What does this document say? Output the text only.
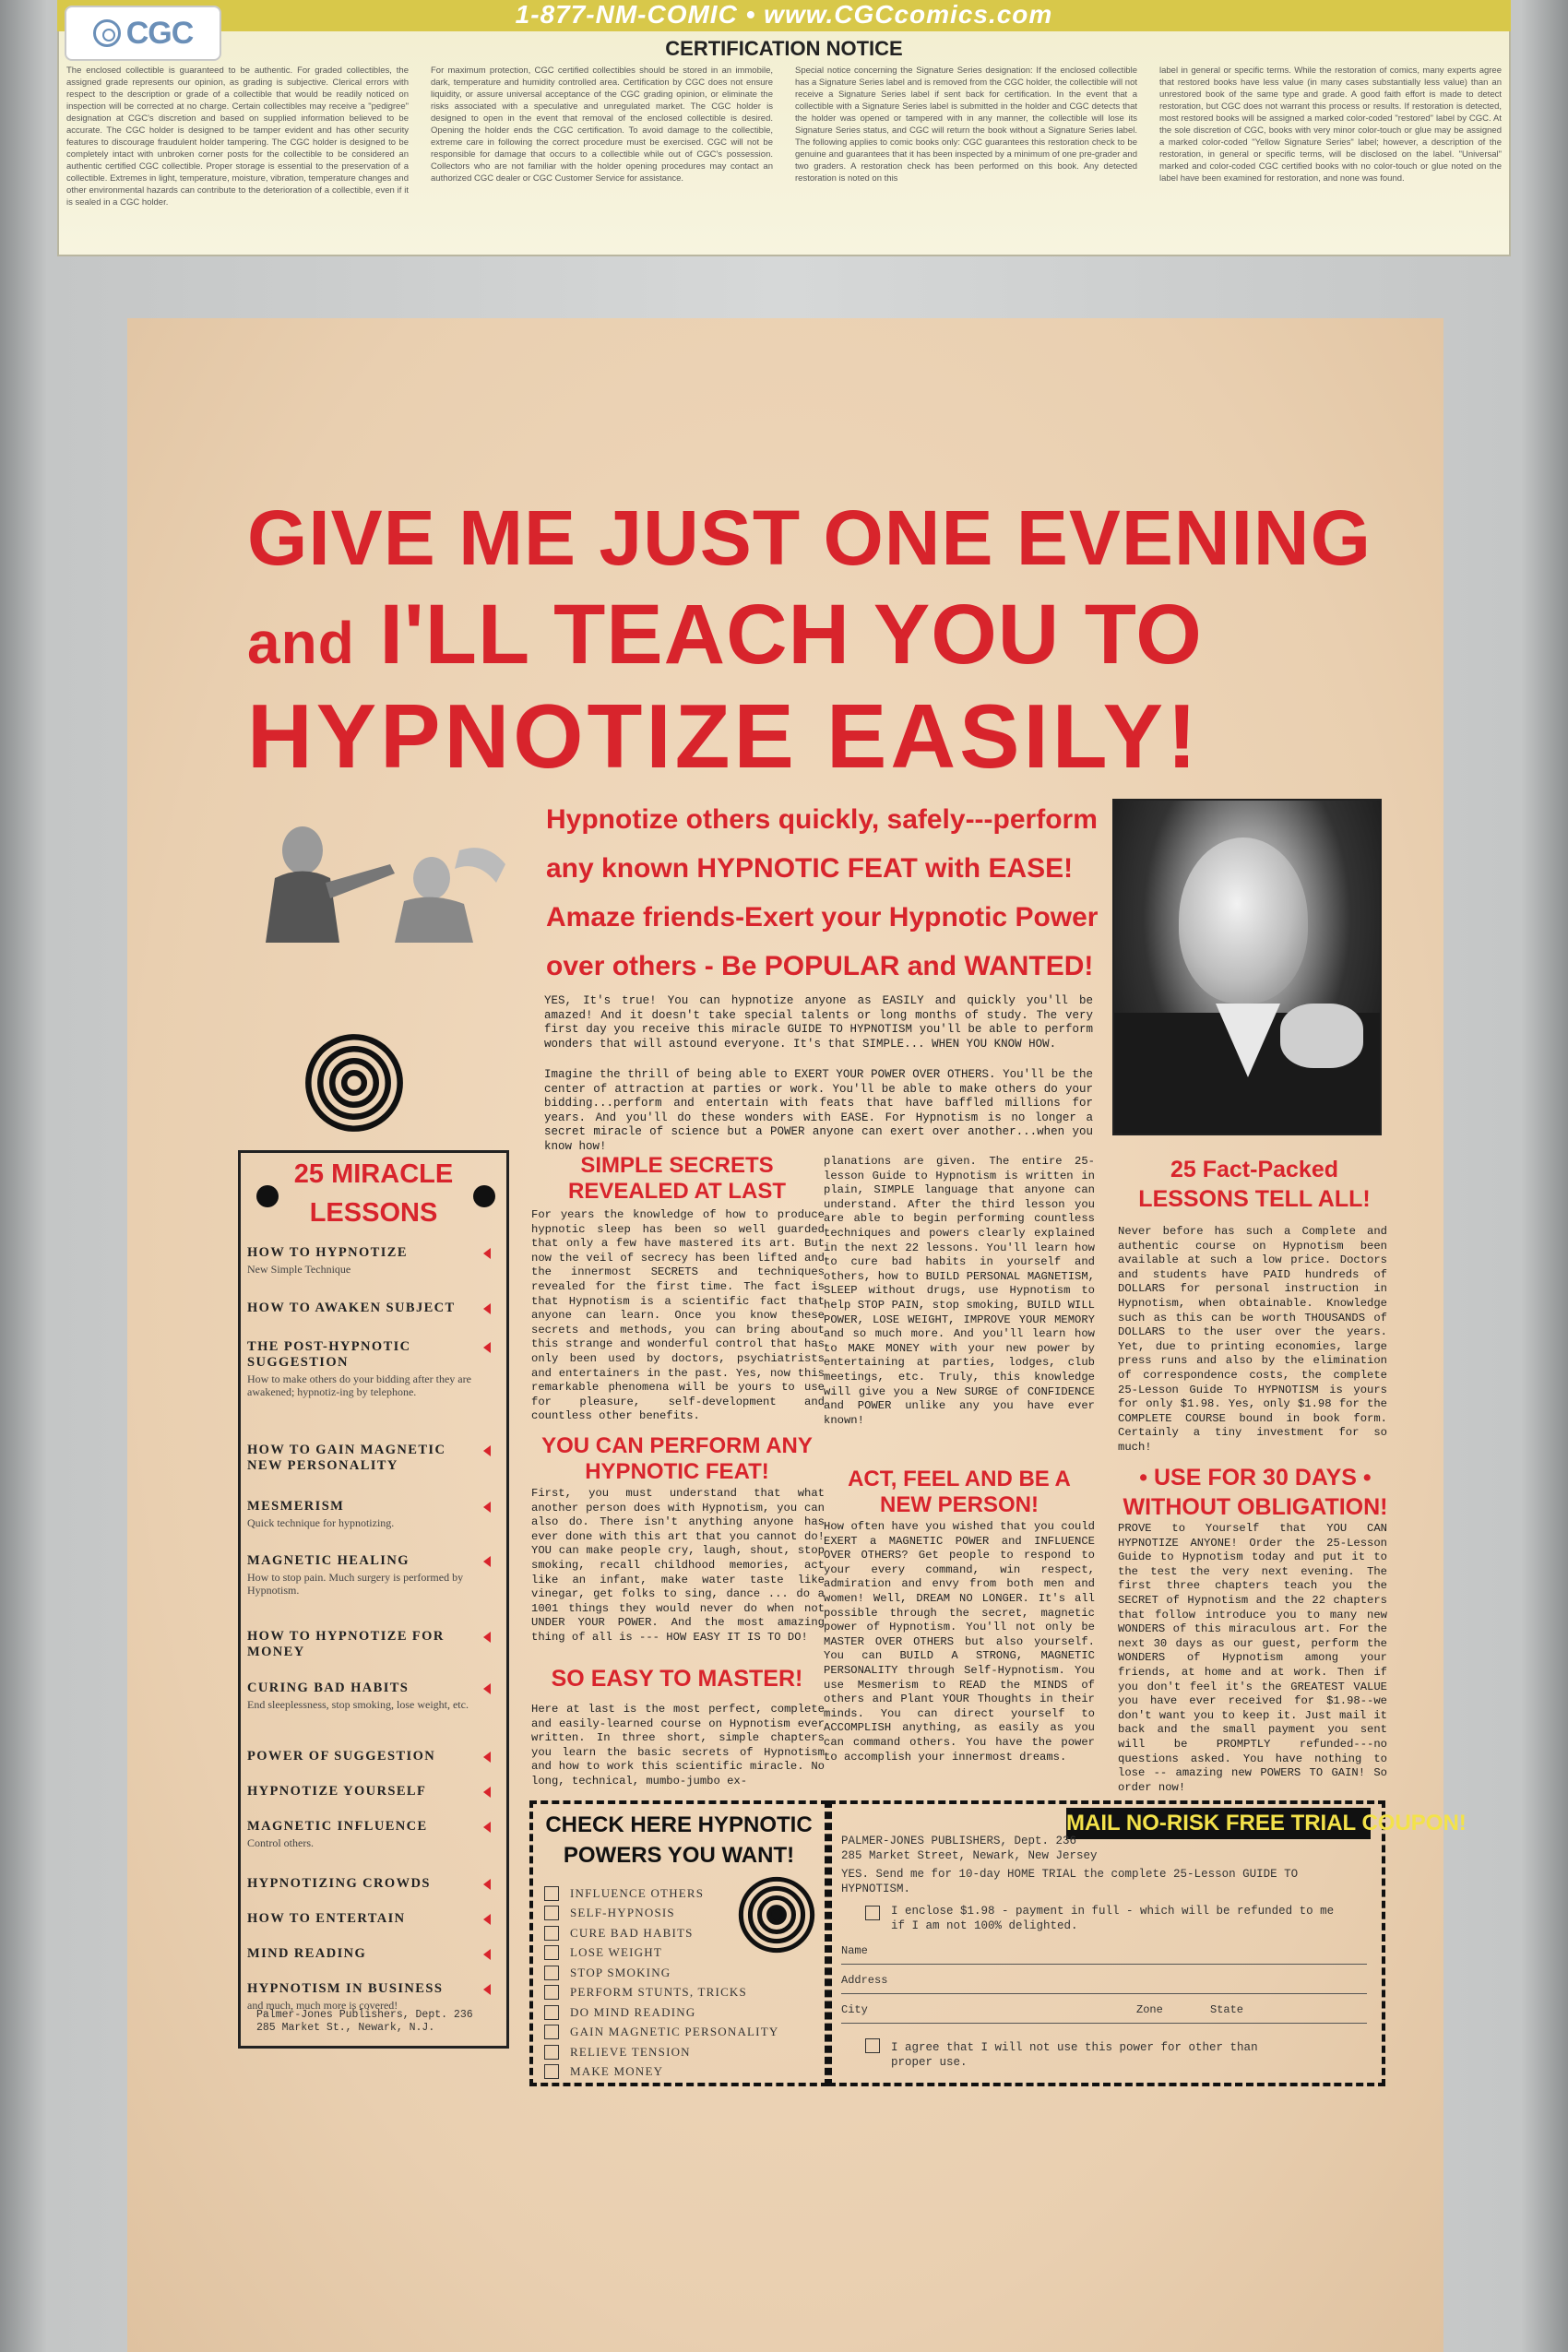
CGC
1-877-NM-COMIC • www.CGCcomics.com
CERTIFICATION NOTICE

The enclosed collectible is guaranteed to be authentic. For graded collectibles, the assigned grade represents our opinion, as grading is subjective. Clerical errors with respect to the description or grade of a collectible that would be readily noticed on inspection will be corrected at no charge. Certain collectibles may receive a "pedigree" designation at CGC's discretion and based on supplied information believed to be accurate. The CGC holder is designed to be tamper evident and has other security features to discourage fraudulent holder tampering. The CGC holder is designed to be completely intact with unbroken corner posts for the collectible to be considered an authentic certified CGC collectible. Proper storage is essential to the preservation of a collectible. Extremes in light, temperature, moisture, vibration, temperature changes and other environmental hazards can contribute to the deterioration of a collectible, even if it is sealed in a CGC holder.

For maximum protection, CGC certified collectibles should be stored in an immobile, dark, temperature and humidity controlled area. Certification by CGC does not ensure liquidity, or assure universal acceptance of the CGC grading opinion, or eliminate the risks associated with a speculative and unregulated market. The CGC holder is designed to open in the event that removal of the enclosed collectible is desired. Opening the holder ends the CGC certification. To avoid damage to the collectible, extreme care in following the correct procedure must be exercised. CGC will not be responsible for damage that occurs to a collectible while out of CGC's possession. Collectors who are not familiar with the holder opening procedures may contact an authorized CGC dealer or CGC Customer Service for assistance.

Special notice concerning the Signature Series designation: If the enclosed collectible has a Signature Series label and is removed from the CGC holder, the collectible will not receive a Signature Series label if sent back for certification. In the event that a collectible with a Signature Series label is submitted in the holder and CGC detects that the holder was opened or tampered with in any manner, the collectible will lose its Signature Series status, and CGC will return the book without a Signature Series label. The following applies to comic books only: CGC guarantees this restoration check to be genuine and guarantees that it has been inspected by a minimum of one pre-grader and two graders. A restoration check has been performed on this book. Any detected restoration is noted on this

label in general or specific terms. While the restoration of comics, many experts agree that restored books have less value (in many cases substantially less value) than an unrestored book of the same type and grade. A good faith effort is made to detect restoration, but CGC does not warrant this process or results. If restoration is detected, most restored books will be assigned a marked color-coded "restored" label by CGC. At the sole discretion of CGC, books with very minor color-touch or glue may be assigned a marked color-coded "Yellow Signature Series" label; however, a description of the restoration, in general or specific terms, will be disclosed on the label. "Universal" marked and color-coded CGC certified books with no color-touch or glue noted on the label have been examined for restoration, and none was found.

GIVE ME JUST ONE EVENING
and I'LL TEACH YOU TO
HYPNOTIZE EASILY!
Hypnotize others quickly, safely---perform
any known HYPNOTIC FEAT with EASE!
Amaze friends-Exert your Hypnotic Power
over others - Be POPULAR and WANTED!
YES, It's true! You can hypnotize anyone as EASILY and quickly you'll be amazed! And it doesn't take special talents or long months of study. The very first day you receive this miracle GUIDE TO HYPNOTISM you'll be able to perform wonders that will astound everyone. It's that SIMPLE... WHEN YOU KNOW HOW.
Imagine the thrill of being able to EXERT YOUR POWER OVER OTHERS. You'll be the center of attraction at parties or work. You'll be able to make others do your bidding...perform and entertain with feats that have baffled millions for years. And you'll do these wonders with EASE. For Hypnotism is no longer a secret miracle of science but a POWER anyone can exert over another...when you know how!
25 MIRACLE
LESSONS
HOW TO HYPNOTIZE
New Simple Technique
HOW TO AWAKEN SUBJECT
THE POST-HYPNOTIC SUGGESTION
How to make others do your bidding after they are awakened; hypnotiz-ing by telephone.
HOW TO GAIN MAGNETIC NEW PERSONALITY
MESMERISM
Quick technique for hypnotizing.
MAGNETIC HEALING
How to stop pain. Much surgery is performed by Hypnotism.
HOW TO HYPNOTIZE FOR MONEY
CURING BAD HABITS
End sleeplessness, stop smoking, lose weight, etc.
POWER OF SUGGESTION
HYPNOTIZE YOURSELF
MAGNETIC INFLUENCE
Control others.
HYPNOTIZING CROWDS
HOW TO ENTERTAIN
MIND READING
HYPNOTISM IN BUSINESS
and much, much more is covered!
Palmer-Jones Publishers, Dept. 236
285 Market St., Newark, N.J.
SIMPLE SECRETS REVEALED AT LAST
For years the knowledge of how to produce hypnotic sleep has been so well guarded that only a few have mastered its art. But now the veil of secrecy has been lifted and the innermost SECRETS and techniques revealed for the first time. The fact is that Hypnotism is a scientific fact that anyone can learn. Once you know these secrets and methods, you can bring about this strange and wonderful control that has only been used by doctors, psychiatrists and entertainers in the past. Yes, now this remarkable phenomena will be yours to use for pleasure, self-development and countless other benefits.
YOU CAN PERFORM ANY HYPNOTIC FEAT!
First, you must understand that what another person does with Hypnotism, you can also do. There isn't anything anyone has ever done with this art that you cannot do! YOU can make people cry, laugh, shout, stop smoking, recall childhood memories, act like an infant, make water taste like vinegar, get folks to sing, dance ... do a 1001 things they would never do when not UNDER YOUR POWER. And the most amazing thing of all is --- HOW EASY IT IS TO DO!
SO EASY TO MASTER!
Here at last is the most perfect, complete and easily-learned course on Hypnotism ever written. In three short, simple chapters you learn the basic secrets of Hypnotism and how to work this scientific miracle. No long, technical, mumbo-jumbo ex-
planations are given. The entire 25-lesson Guide to Hypnotism is written in plain, SIMPLE language that anyone can understand. After the third lesson you are able to begin performing countless techniques and powers clearly explained in the next 22 lessons. You'll learn how to cure bad habits in yourself and others, how to BUILD PERSONAL MAGNETISM, SLEEP without drugs, use Hypnotism to help STOP PAIN, stop smoking, BUILD WILL POWER, LOSE WEIGHT, IMPROVE YOUR MEMORY and so much more. And you'll learn how to MAKE MONEY with your new power by entertaining at parties, lodges, club meetings, etc. Truly, this knowledge will give you a New SURGE of CONFIDENCE and POWER unlike any you have ever known!
ACT, FEEL AND BE A NEW PERSON!
How often have you wished that you could EXERT a MAGNETIC POWER and INFLUENCE OVER OTHERS? Get people to respond to your every command, win respect, admiration and envy from both men and women! Well, DREAM NO LONGER. It's all possible through the secret, magnetic power of Hypnotism. You'll not only be MASTER OVER OTHERS but also yourself. You can BUILD A STRONG, MAGNETIC PERSONALITY through Self-Hypnotism. You use Mesmerism to READ the MINDS of others and Plant YOUR Thoughts in their minds. You can direct yourself to ACCOMPLISH anything, as easily as you can command others. You have the power to accomplish your innermost dreams.
25 Fact-Packed LESSONS TELL ALL!
Never before has such a Complete and authentic course on Hypnotism been available at such a low price. Doctors and students have PAID hundreds of DOLLARS for personal instruction in Hypnotism, when obtainable. Knowledge such as this can be worth THOUSANDS of DOLLARS to the user over the years. Yet, due to printing economies, large press runs and also by the elimination of correspondence costs, the complete 25-Lesson Guide To HYPNOTISM is yours for only $1.98. Yes, only $1.98 for the COMPLETE COURSE bound in book form. Certainly a tiny investment for so much!
• USE FOR 30 DAYS • WITHOUT OBLIGATION!
PROVE to Yourself that YOU CAN HYPNOTIZE ANYONE! Order the 25-Lesson Guide to Hypnotism today and put it to the test the very next evening. The first three chapters teach you the SECRET of Hypnotism and the 22 chapters that follow introduce you to many new WONDERS of this miraculous art. For the next 30 days as our guest, perform the WONDERS of Hypnotism among your friends, at home and at work. Then if you don't feel it's the GREATEST VALUE you have ever received for $1.98--we don't want you to keep it. Just mail it back and the small payment you sent will be PROMPTLY refunded---no questions asked. You have nothing to lose -- amazing new POWERS TO GAIN! So order now!
CHECK HERE HYPNOTIC
POWERS YOU WANT!
INFLUENCE OTHERS
SELF-HYPNOSIS
CURE BAD HABITS
LOSE WEIGHT
STOP SMOKING
PERFORM STUNTS, TRICKS
DO MIND READING
GAIN MAGNETIC PERSONALITY
RELIEVE TENSION
MAKE MONEY
MAIL NO-RISK FREE TRIAL COUPON!
PALMER-JONES PUBLISHERS, Dept. 236
285 Market Street, Newark, New Jersey
YES. Send me for 10-day HOME TRIAL the complete 25-Lesson GUIDE TO HYPNOTISM.
I enclose $1.98 - payment in full - which will be refunded to me if I am not 100% delighted.
Name
Address
City	Zone	State
I agree that I will not use this power for other than proper use.
